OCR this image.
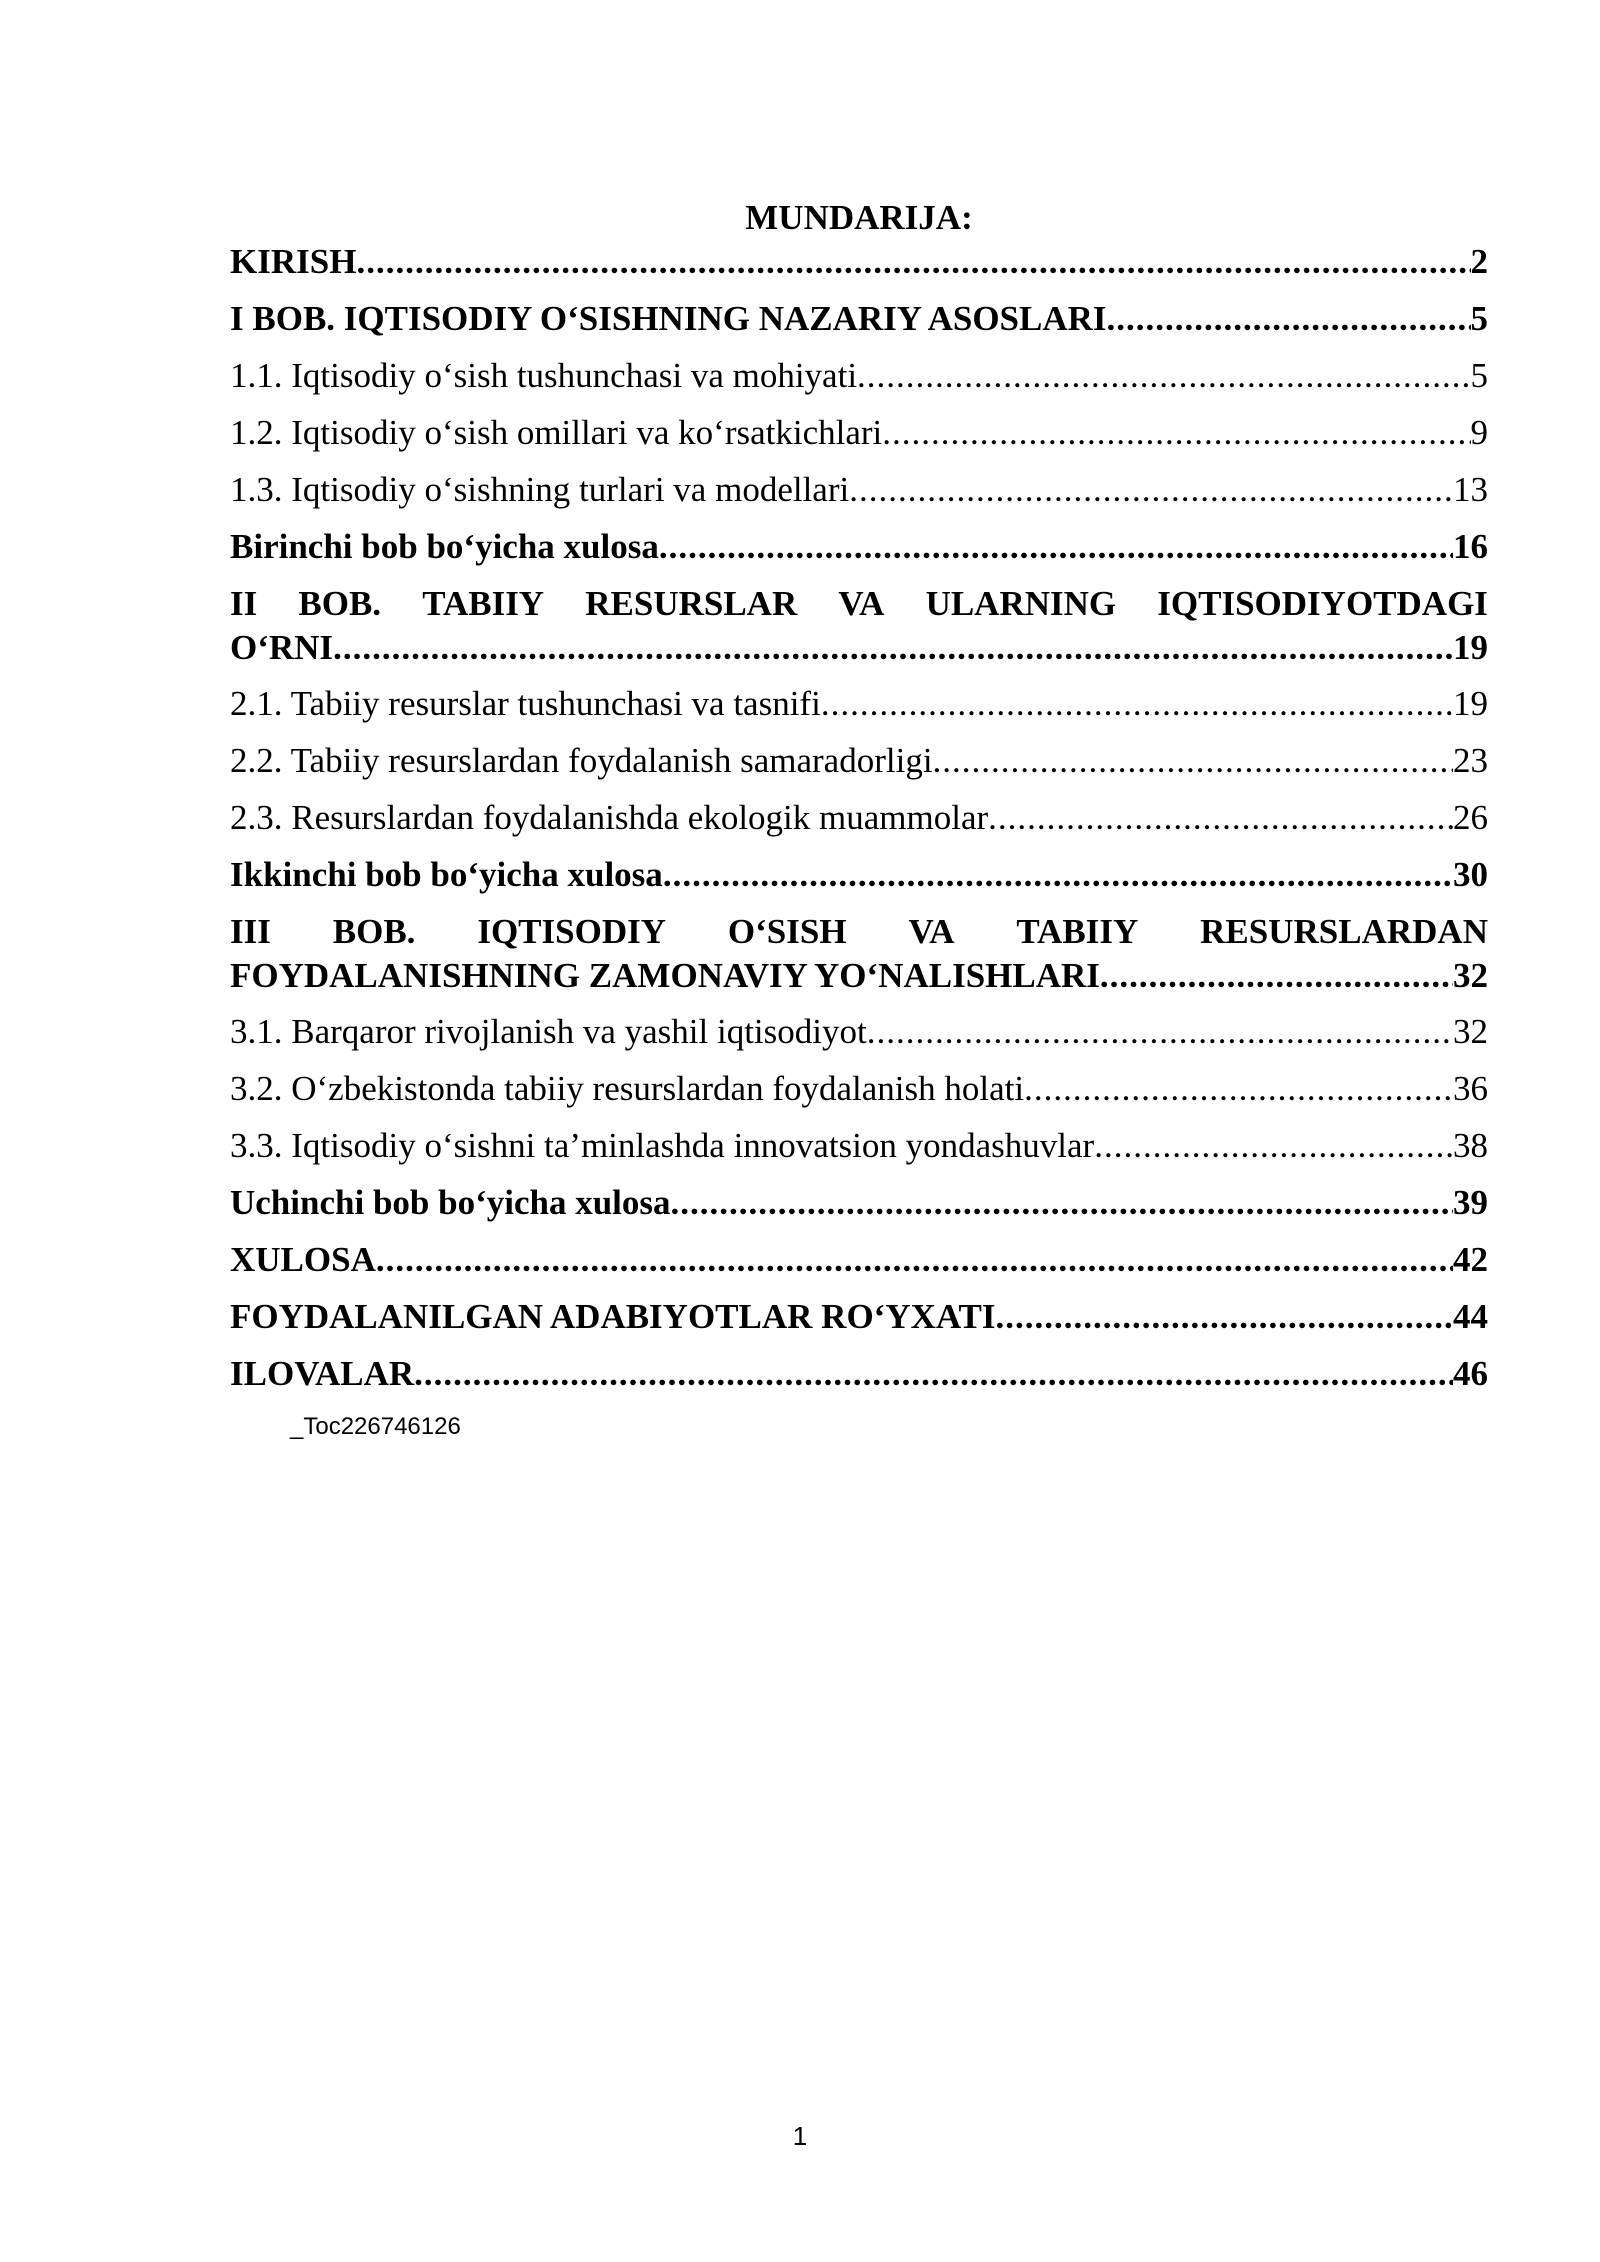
MUNDARIJA:
KIRISH .....	2
I BOB. IQTISODIY O‘SISHNING NAZARIY ASOSLARI .....	5
1.1. Iqtisodiy o‘sish tushunchasi va mohiyati .....	5
1.2. Iqtisodiy o‘sish omillari va ko‘rsatkichlari .....	9
1.3. Iqtisodiy o‘sishning turlari va modellari .....	13
Birinchi bob bo‘yicha xulosa .....	16
II BOB. TABIIY RESURSLAR VA ULARNING IQTISODIYOTDAGI
O‘RNI .....	19
2.1. Tabiiy resurslar tushunchasi va tasnifi .....	19
2.2. Tabiiy resurslardan foydalanish samaradorligi .....	23
2.3. Resurslardan foydalanishda ekologik muammolar .....	26
Ikkinchi bob bo‘yicha xulosa .....	30
III BOB. IQTISODIY O‘SISH VA TABIIY RESURSLARDAN
FOYDALANISHNING ZAMONAVIY YO‘NALISHLARI .....	32
3.1. Barqaror rivojlanish va yashil iqtisodiyot .....	32
3.2. O‘zbekistonda tabiiy resurslardan foydalanish holati .....	36
3.3. Iqtisodiy o‘sishni ta’minlashda innovatsion yondashuvlar .....	38
Uchinchi bob bo‘yicha xulosa .....	39
XULOSA .....	42
FOYDALANILGAN ADABIYOTLAR RO‘YXATI .....	44
ILOVALAR .....	46
_Toc226746126
1
